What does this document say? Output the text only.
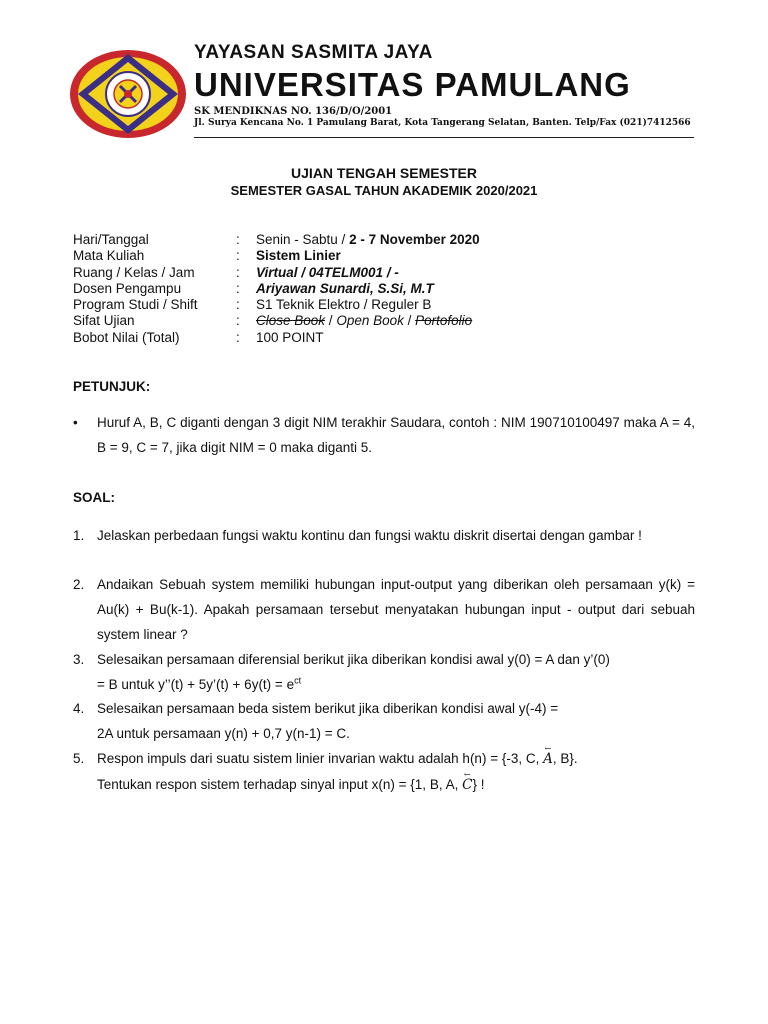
YAYASAN SASMITA JAYA
UNIVERSITAS PAMULANG
SK MENDIKNAS NO. 136/D/O/2001
Jl. Surya Kencana No. 1 Pamulang Barat, Kota Tangerang Selatan, Banten. Telp/Fax (021)7412566
UJIAN TENGAH SEMESTER
SEMESTER GASAL TAHUN AKADEMIK 2020/2021
Hari/Tanggal	: Senin - Sabtu / 2 - 7 November 2020
Mata Kuliah	: Sistem Linier
Ruang / Kelas / Jam	: Virtual / 04TELM001 / -
Dosen Pengampu	: Ariyawan Sunardi, S.Si, M.T
Program Studi / Shift	: S1 Teknik Elektro / Reguler B
Sifat Ujian	: Close Book / Open Book / Portofolio
Bobot Nilai (Total)	: 100 POINT
PETUNJUK:
• Huruf A, B, C diganti dengan 3 digit NIM terakhir Saudara, contoh : NIM 190710100497 maka A = 4, B = 9, C = 7, jika digit NIM = 0 maka diganti 5.
SOAL:
1. Jelaskan perbedaan fungsi waktu kontinu dan fungsi waktu diskrit disertai dengan gambar !
2. Andaikan Sebuah system memiliki hubungan input-output yang diberikan oleh persamaan y(k) = Au(k) + Bu(k-1). Apakah persamaan tersebut menyatakan hubungan input - output dari sebuah system linear ?
3. Selesaikan persamaan diferensial berikut jika diberikan kondisi awal y(0) = A dan y’(0)
= B untuk y’’(t) + 5y’(t) + $6y(t) = e^{ct}$
4. Selesaikan persamaan beda sistem berikut jika diberikan kondisi awal y(-4) =
2A untuk persamaan y(n) + 0,7 y(n-1) = C.
5. Respon impuls dari suatu sistem linier invarian waktu adalah h(n) = {-3, C, ← A, B}.
Tentukan respon sistem terhadap sinyal input x(n) = {1, B, A, ← C} !
